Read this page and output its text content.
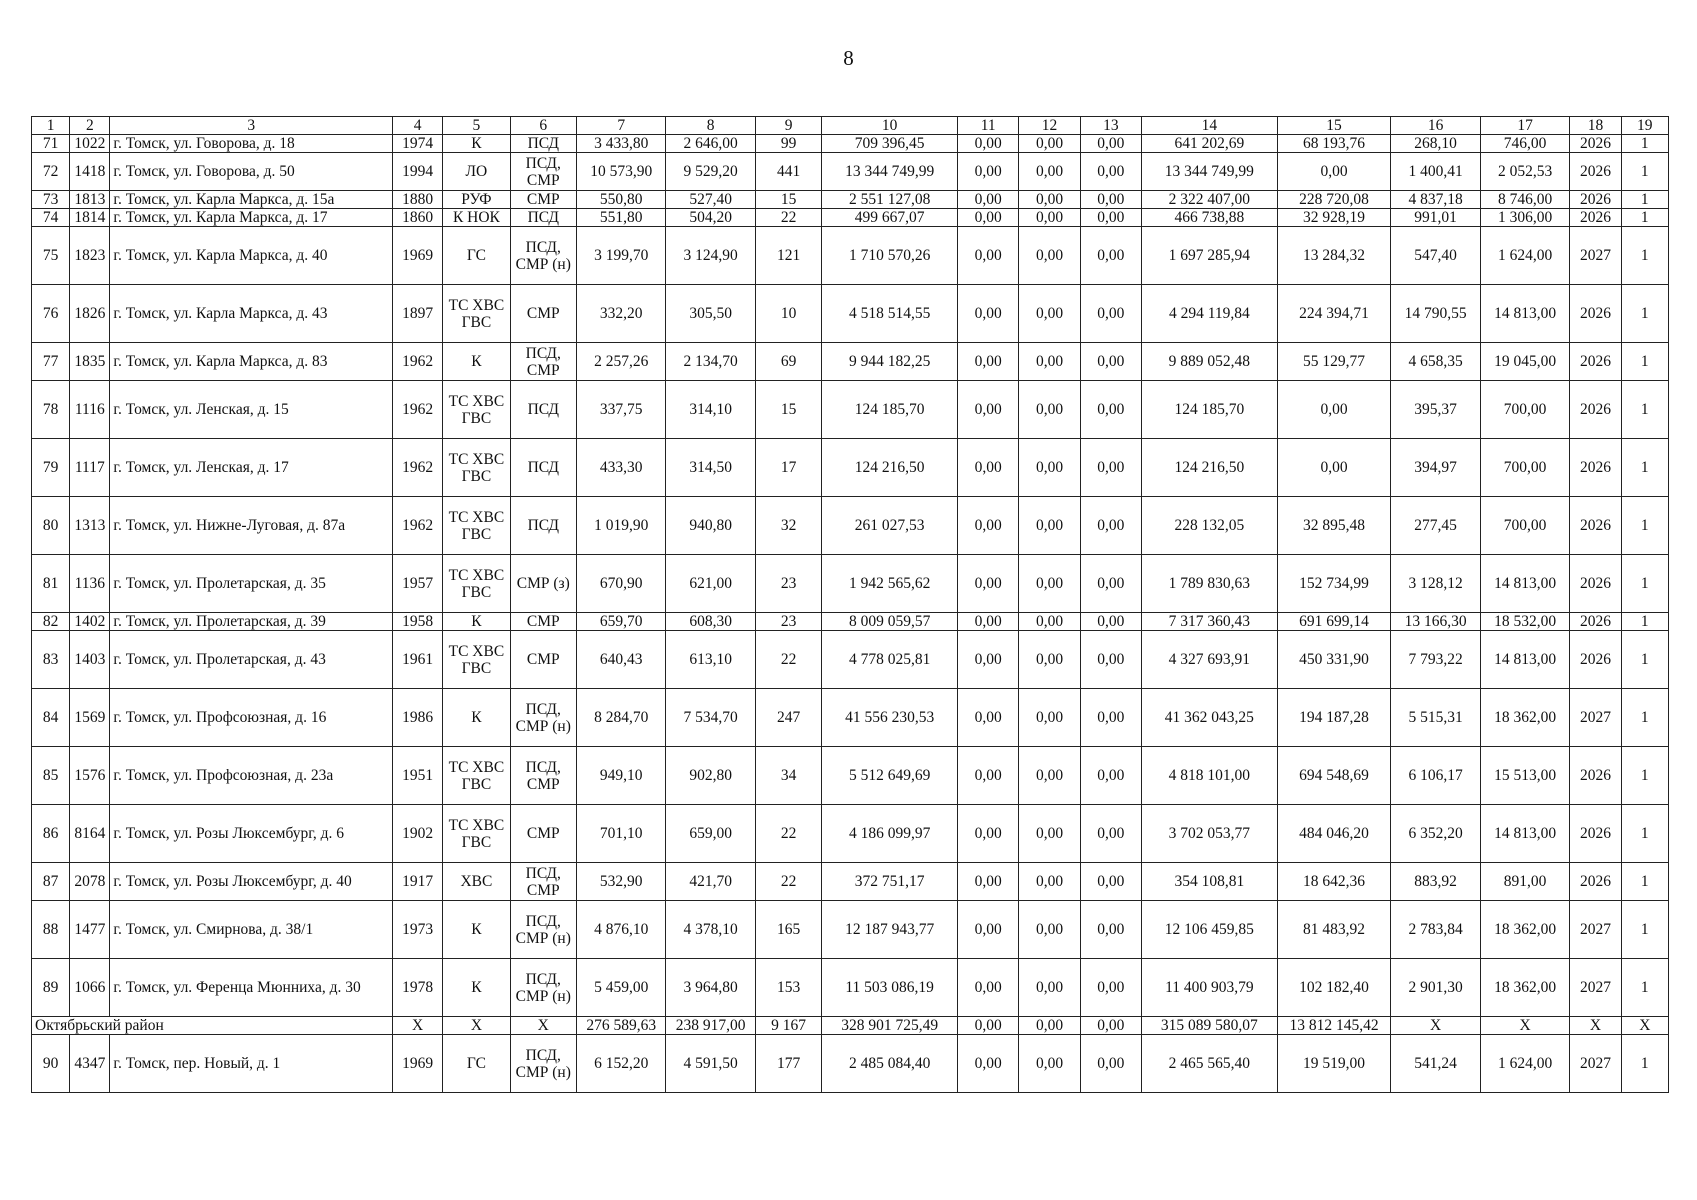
8
1	2	3	4	5	6	7	8	9	10	11	12	13	14	15	16	17	18	19
71	1022	г. Томск, ул. Говорова, д. 18	1974	К	ПСД	3 433,80	2 646,00	99	709 396,45	0,00	0,00	0,00	641 202,69	68 193,76	268,10	746,00	2026	1
72	1418	г. Томск, ул. Говорова, д. 50	1994	ЛО	ПСД, СМР	10 573,90	9 529,20	441	13 344 749,99	0,00	0,00	0,00	13 344 749,99	0,00	1 400,41	2 052,53	2026	1
73	1813	г. Томск, ул. Карла Маркса, д. 15а	1880	РУФ	СМР	550,80	527,40	15	2 551 127,08	0,00	0,00	0,00	2 322 407,00	228 720,08	4 837,18	8 746,00	2026	1
74	1814	г. Томск, ул. Карла Маркса, д. 17	1860	К НОК	ПСД	551,80	504,20	22	499 667,07	0,00	0,00	0,00	466 738,88	32 928,19	991,01	1 306,00	2026	1
75	1823	г. Томск, ул. Карла Маркса, д. 40	1969	ГС	ПСД, СМР (н)	3 199,70	3 124,90	121	1 710 570,26	0,00	0,00	0,00	1 697 285,94	13 284,32	547,40	1 624,00	2027	1
76	1826	г. Томск, ул. Карла Маркса, д. 43	1897	ТС ХВС ГВС	СМР	332,20	305,50	10	4 518 514,55	0,00	0,00	0,00	4 294 119,84	224 394,71	14 790,55	14 813,00	2026	1
77	1835	г. Томск, ул. Карла Маркса, д. 83	1962	К	ПСД, СМР	2 257,26	2 134,70	69	9 944 182,25	0,00	0,00	0,00	9 889 052,48	55 129,77	4 658,35	19 045,00	2026	1
78	1116	г. Томск, ул. Ленская, д. 15	1962	ТС ХВС ГВС	ПСД	337,75	314,10	15	124 185,70	0,00	0,00	0,00	124 185,70	0,00	395,37	700,00	2026	1
79	1117	г. Томск, ул. Ленская, д. 17	1962	ТС ХВС ГВС	ПСД	433,30	314,50	17	124 216,50	0,00	0,00	0,00	124 216,50	0,00	394,97	700,00	2026	1
80	1313	г. Томск, ул. Нижне-Луговая, д. 87а	1962	ТС ХВС ГВС	ПСД	1 019,90	940,80	32	261 027,53	0,00	0,00	0,00	228 132,05	32 895,48	277,45	700,00	2026	1
81	1136	г. Томск, ул. Пролетарская, д. 35	1957	ТС ХВС ГВС	СМР (з)	670,90	621,00	23	1 942 565,62	0,00	0,00	0,00	1 789 830,63	152 734,99	3 128,12	14 813,00	2026	1
82	1402	г. Томск, ул. Пролетарская, д. 39	1958	К	СМР	659,70	608,30	23	8 009 059,57	0,00	0,00	0,00	7 317 360,43	691 699,14	13 166,30	18 532,00	2026	1
83	1403	г. Томск, ул. Пролетарская, д. 43	1961	ТС ХВС ГВС	СМР	640,43	613,10	22	4 778 025,81	0,00	0,00	0,00	4 327 693,91	450 331,90	7 793,22	14 813,00	2026	1
84	1569	г. Томск, ул. Профсоюзная, д. 16	1986	К	ПСД, СМР (н)	8 284,70	7 534,70	247	41 556 230,53	0,00	0,00	0,00	41 362 043,25	194 187,28	5 515,31	18 362,00	2027	1
85	1576	г. Томск, ул. Профсоюзная, д. 23а	1951	ТС ХВС ГВС	ПСД, СМР	949,10	902,80	34	5 512 649,69	0,00	0,00	0,00	4 818 101,00	694 548,69	6 106,17	15 513,00	2026	1
86	8164	г. Томск, ул. Розы Люксембург, д. 6	1902	ТС ХВС ГВС	СМР	701,10	659,00	22	4 186 099,97	0,00	0,00	0,00	3 702 053,77	484 046,20	6 352,20	14 813,00	2026	1
87	2078	г. Томск, ул. Розы Люксембург, д. 40	1917	ХВС	ПСД, СМР	532,90	421,70	22	372 751,17	0,00	0,00	0,00	354 108,81	18 642,36	883,92	891,00	2026	1
88	1477	г. Томск, ул. Смирнова, д. 38/1	1973	К	ПСД, СМР (н)	4 876,10	4 378,10	165	12 187 943,77	0,00	0,00	0,00	12 106 459,85	81 483,92	2 783,84	18 362,00	2027	1
89	1066	г. Томск, ул. Ференца Мюнниха, д. 30	1978	К	ПСД, СМР (н)	5 459,00	3 964,80	153	11 503 086,19	0,00	0,00	0,00	11 400 903,79	102 182,40	2 901,30	18 362,00	2027	1
Октябрьский район			Х	Х	Х	276 589,63	238 917,00	9 167	328 901 725,49	0,00	0,00	0,00	315 089 580,07	13 812 145,42	Х	Х	Х	Х
90	4347	г. Томск, пер. Новый, д. 1	1969	ГС	ПСД, СМР (н)	6 152,20	4 591,50	177	2 485 084,40	0,00	0,00	0,00	2 465 565,40	19 519,00	541,24	1 624,00	2027	1
